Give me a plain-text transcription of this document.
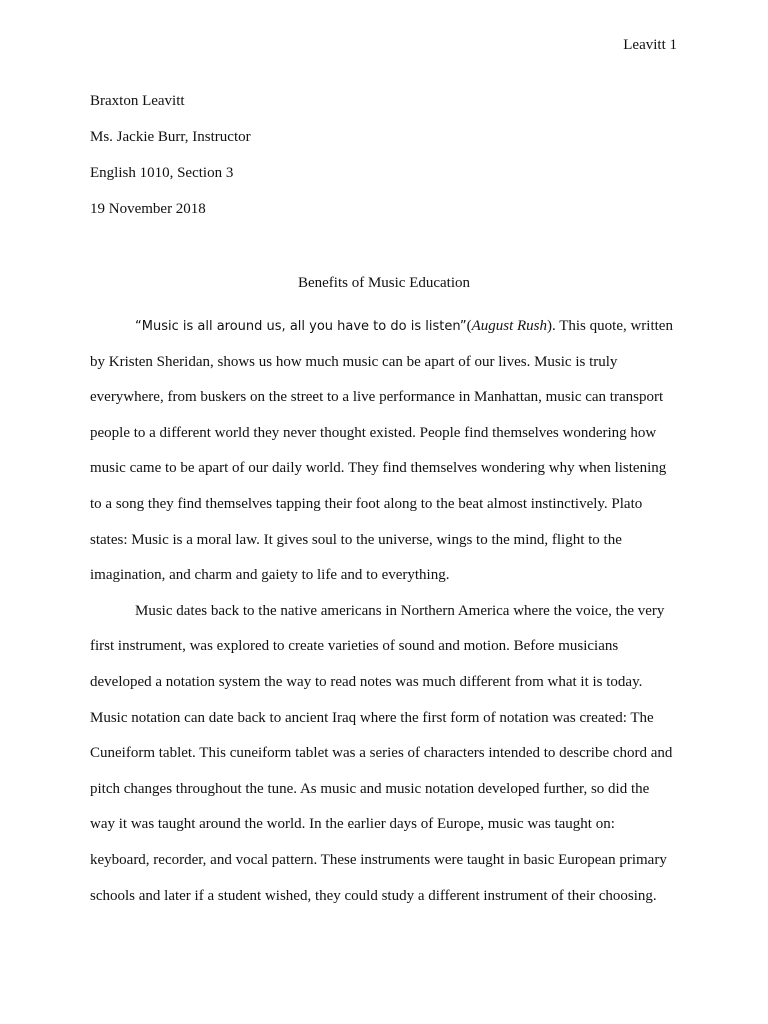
Leavitt 1
Braxton Leavitt
Ms. Jackie Burr, Instructor
English 1010, Section 3
19 November 2018
Benefits of Music Education

“Music is all around us, all you have to do is listen”(August Rush). This quote, written by Kristen Sheridan, shows us how much music can be apart of our lives. Music is truly everywhere, from buskers on the street to a live performance in Manhattan, music can transport people to a different world they never thought existed. People find themselves wondering how music came to be apart of our daily world. They find themselves wondering why when listening to a song they find themselves tapping their foot along to the beat almost instinctively. Plato states: Music is a moral law. It gives soul to the universe, wings to the mind, flight to the imagination, and charm and gaiety to life and to everything.

Music dates back to the native americans in Northern America where the voice, the very first instrument, was explored to create varieties of sound and motion. Before musicians developed a notation system the way to read notes was much different from what it is today. Music notation can date back to ancient Iraq where the first form of notation was created: The Cuneiform tablet. This cuneiform tablet was a series of characters intended to describe chord and pitch changes throughout the tune. As music and music notation developed further, so did the way it was taught around the world. In the earlier days of Europe, music was taught on: keyboard, recorder, and vocal pattern. These instruments were taught in basic European primary schools and later if a student wished, they could study a different instrument of their choosing.
